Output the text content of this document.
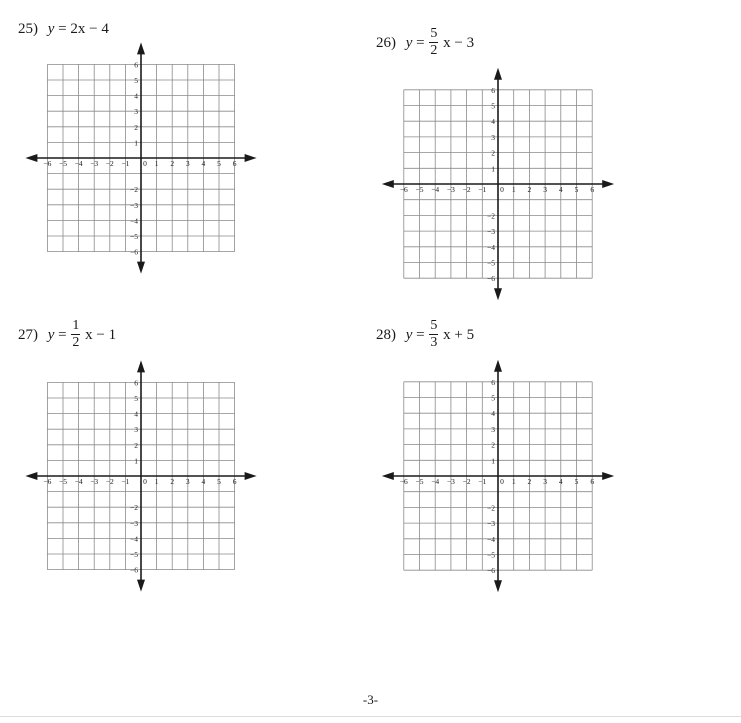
25) y = 2x − 4
26) $y = \frac{5}{2}$ x − 3
27) $y = \frac{1}{2}$ x − 1	28) $y = \frac{5}{3}$ x + 5
−6 −5 −4 −3 −2 −1 0 1 2 3 4 5 6
6
5
4
3
2
1
−2
−3
−4
−5
−6
−6 −5 −4 −3 −2 −1 0 1 2 3 4 5 6
6
5
4
3
2
1
−2
−3
−4
−5
−6
−6 −5 −4 −3 −2 −1 0 1 2 3 4 5 6
6
5
4
3
2
1
−2
−3
−4
−5
−6
−6 −5 −4 −3 −2 −1 0 1 2 3 4 5 6
6
5
4
3
2
1
−2
−3
−4
−5
−6
-3-
